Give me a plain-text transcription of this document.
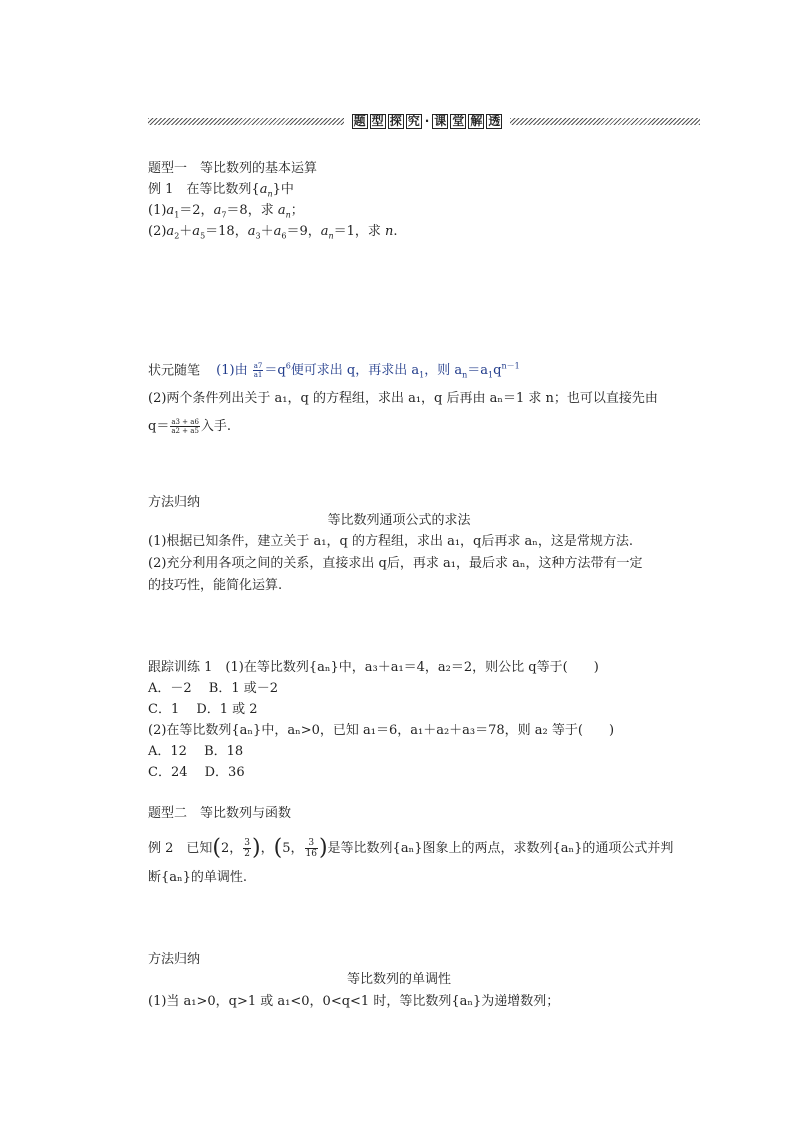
题 型 探 究 · 课 堂 解 透
题型一　等比数列的基本运算
例 1　在等比数列$\{a_n\}$中
$(1)a_1=2$，$a_7=8$，求 $a_n$；
$(2)a_2+a_5=18$，$a_3+a_6=9$，$a_n=1$，求 n.
状元随笔 (1)由 $\frac{a7}{a1} =q^6$便可求出 q，再求出 $a_1$，则 $a_n=a_1q^{n-1}$
(2)两个条件列出关于 a₁，q 的方程组，求出 a₁，q 后再由 aₙ＝1 求 n；也可以直接先由
$q= \frac{a3 + a6}{a2 + a5}$ 入手.
方法归纳
等比数列通项公式的求法
(1)根据已知条件，建立关于 a₁，q 的方程组，求出 a₁，q后再求 aₙ，这是常规方法.
(2)充分利用各项之间的关系，直接求出 q后，再求 a₁，最后求 aₙ，这种方法带有一定
的技巧性，能简化运算.
跟踪训练 1　(1)在等比数列{aₙ}中，a₃＋a₁＝4，a₂＝2，则公比 q等于(　　)
A．－2　 B．1 或－2
C．1　 D．1 或 2
(2)在等比数列{aₙ}中，aₙ>0，已知 a₁＝6，a₁＋a₂＋a₃＝78，则 a₂ 等于(　　)
A．12　 B．18
C．24　 D．36
题型二　等比数列与函数
例 2　已知(2， $\frac{3}{2}$ )，(5， $\frac{3}{16}$ )是等比数列{aₙ}图象上的两点，求数列{aₙ}的通项公式并判
断{aₙ}的单调性.
方法归纳
等比数列的单调性
(1)当 a₁>0，q>1 或 a₁<0，0<q<1 时，等比数列{aₙ}为递增数列；
